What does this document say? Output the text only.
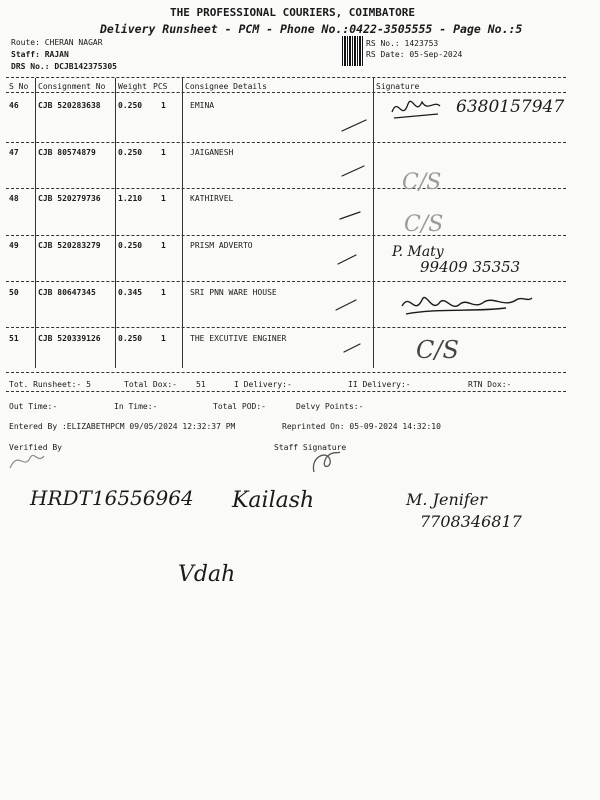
THE PROFESSIONAL COURIERS, COIMBATORE
Delivery Runsheet - PCM - Phone No.:0422-3505555 - Page No.:5
Route: CHERAN NAGAR
Staff: RAJAN
DRS No.: DCJB142375305
RS No.: 1423753
RS Date: 05-Sep-2024
S No Consignment No Weight PCS Consignee Details	Signature
46 CJB 520283638 0.250 1	EMINA
47 CJB 80574879	0.250 1	JAIGANESH
48 CJB 520279736 1.210 1	KATHIRVEL
49 CJB 520283279 0.250 1	PRISM ADVERTO
50 CJB 80647345	0.345 1	SRI PNN WARE HOUSE
51 CJB 520339126 0.250 1	THE EXCUTIVE ENGINER
Tot. Runsheet:- 5	Total Dox:- 51	I Delivery:-	II Delivery:-	RTN Dox:-
Out Time:-	In Time:-	Total POD:-	Delvy Points:-
Entered By :ELIZABETHPCM 09/05/2024 12:32:37 PM	Reprinted On: 05-09-2024 14:32:10
Verified By	Staff Signature
6380157947
C/S
C/S
P. Maty
99409 35353
C/S
HRDT16556964 Kailash	M. Jenifer
7708346817
Vdah
